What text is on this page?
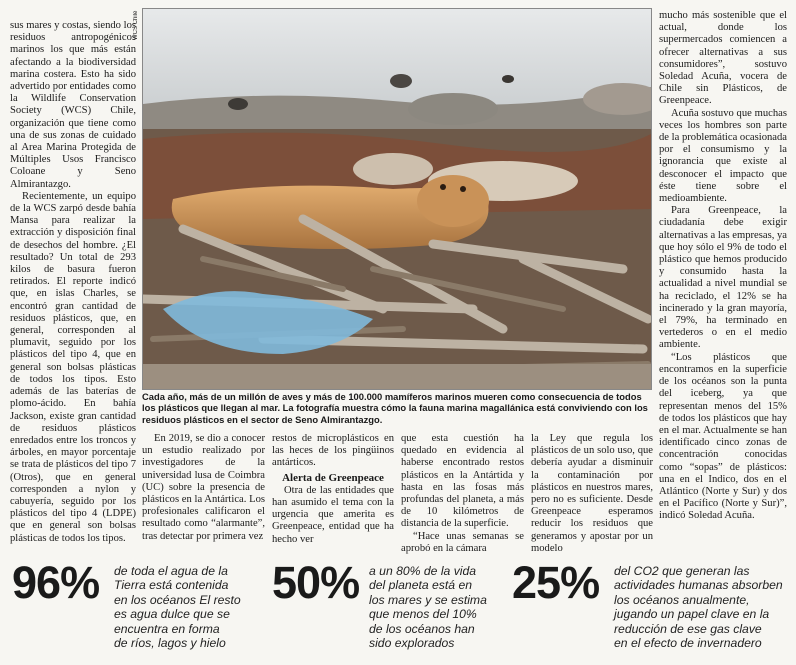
sus mares y costas, siendo los residuos antropogénicos marinos los que más están afectando a la biodiversidad marina costera. Esto ha sido advertido por entidades como la Wildlife Conservation Society (WCS) Chile, organización que tiene como una de sus zonas de cuidado al Area Marina Protegida de Múltiples Usos Francisco Coloane y Seno Almirantazgo.

Recientemente, un equipo de la WCS zarpó desde bahía Mansa para realizar la extracción y disposición final de desechos del hombre. ¿El resultado? Un total de 293 kilos de basura fueron retirados. El reporte indicó que, en islas Charles, se encontró gran cantidad de residuos plásticos, que, en general, corresponden al plumavit, seguido por los plásticos del tipo 4, que en general son bolsas plásticas de todos los tipos. Esto además de las baterías de plomo-ácido. En bahía Jackson, existe gran cantidad de residuos plásticos enredados entre los troncos y árboles, en mayor porcentaje se trata de plásticos del tipo 7 (Otros), que en general corresponden a nylon y cabuyería, seguido por los plásticos del tipo 4 (LDPE) que en general son bolsas plásticas de todos los tipos.

WCS Chile
Cada año, más de un millón de aves y más de 100.000 mamíferos marinos mueren como consecuencia de todos los plásticos que llegan al mar. La fotografía muestra cómo la fauna marina magallánica está conviviendo con los residuos plásticos en el sector de Seno Almirantazgo.

En 2019, se dio a conocer un estudio realizado por investigadores de la universidad lusa de Coimbra (UC) sobre la presencia de plásticos en la Antártica. Los profesionales calificaron el resultado como “alarmante”, tras detectar por primera vez

restos de microplásticos en las heces de los pingüinos antárticos.

Alerta de Greenpeace

Otra de las entidades que han asumido el tema con la urgencia que amerita es Greenpeace, entidad que ha hecho ver

que esta cuestión ha quedado en evidencia al haberse encontrado restos plásticos en la Antártida y hasta en las fosas más profundas del planeta, a más de 10 kilómetros de distancia de la superficie.

“Hace unas semanas se aprobó en la cámara

la Ley que regula los plásticos de un solo uso, que debería ayudar a disminuir la contaminación por plásticos en nuestros mares, pero no es suficiente. Desde Greenpeace esperamos reducir los residuos que generamos y apostar por un modelo

mucho más sostenible que el actual, donde los supermercados comiencen a ofrecer alternativas a sus consumidores”, sostuvo Soledad Acuña, vocera de Chile sin Plásticos, de Greenpeace.

Acuña sostuvo que muchas veces los hombres son parte de la problemática ocasionada por el consumismo y la ignorancia que existe al desconocer el impacto que éste tiene sobre el medioambiente.

Para Greenpeace, la ciudadanía debe exigir alternativas a las empresas, ya que hoy sólo el 9% de todo el plástico que hemos producido y consumido hasta la actualidad a nivel mundial se ha reciclado, el 12% se ha incinerado y la gran mayoría, el 79%, ha terminado en vertederos o en el medio ambiente.

“Los plásticos que encontramos en la superficie de los océanos son la punta del iceberg, ya que representan menos del 15% de todos los plásticos que hay en el mar. Actualmente se han identificado cinco zonas de concentración conocidas como “sopas” de plásticos: una en el Indico, dos en el Atlántico (Norte y Sur) y dos en el Pacífico (Norte y Sur)”, indicó Soledad Acuña.

96% de toda el agua de la
Tierra está contenida
en los océanos El resto
es agua dulce que se
encuentra en forma
de ríos, lagos y hielo
50% a un 80% de la vida
del planeta está en
los mares y se estima
que menos del 10%
de los océanos han
sido explorados
25% del CO2 que generan las
actividades humanas absorben
los océanos anualmente,
jugando un papel clave en la
reducción de ese gas clave
en el efecto de invernadero
